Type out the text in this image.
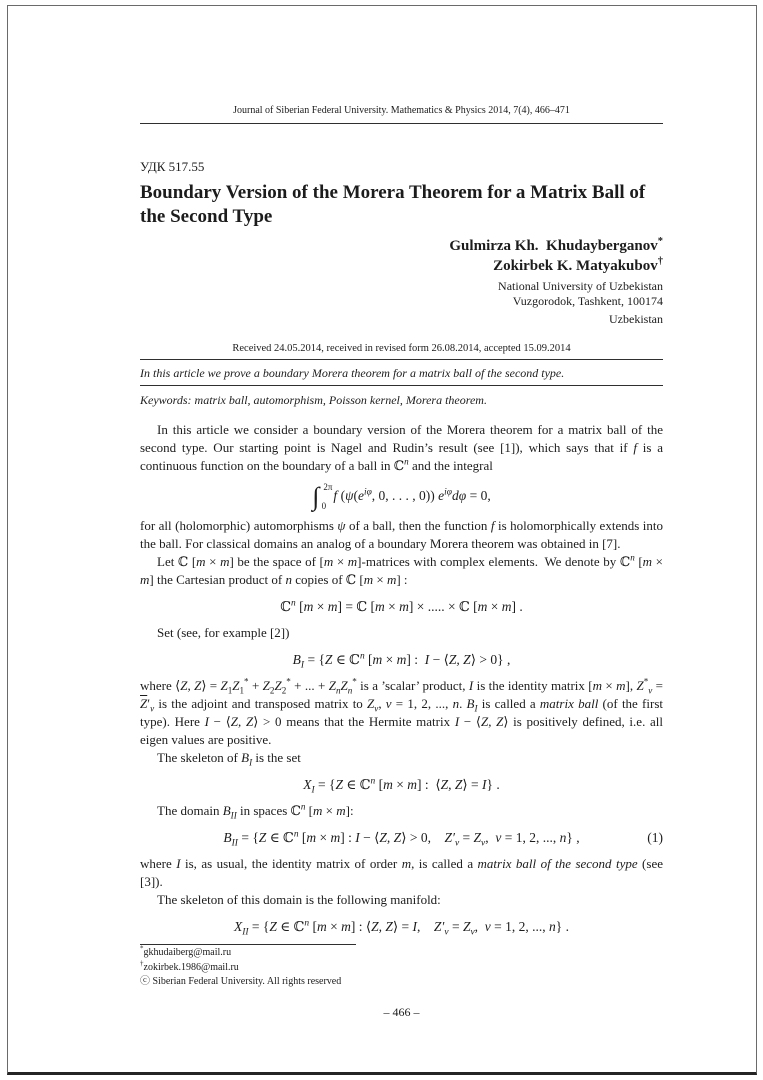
Journal of Siberian Federal University. Mathematics & Physics 2014, 7(4), 466–471
УДК 517.55
Boundary Version of the Morera Theorem for a Matrix Ball of the Second Type
Gulmirza Kh. Khudayberganov*
Zokirbek K. Matyakubov†
National University of Uzbekistan
Vuzgorodok, Tashkent, 100174
Uzbekistan
Received 24.05.2014, received in revised form 26.08.2014, accepted 15.09.2014
In this article we prove a boundary Morera theorem for a matrix ball of the second type.
Keywords: matrix ball, automorphism, Poisson kernel, Morera theorem.

In this article we consider a boundary version of the Morera theorem for a matrix ball of the second type. Our starting point is Nagel and Rudin’s result (see [1]), which says that if f is a continuous function on the boundary of a ball in ℂ$^n$ and the integral

∫ 2π
0
f ($\psi(e^{i\varphi}$, 0, . . . , 0)) $e^{i\varphi}d\varphi = 0$,

for all (holomorphic) automorphisms ψ of a ball, then the function f is holomorphically extends into the ball. For classical domains an analog of a boundary Morera theorem was obtained in [7].

Let ℂ [m × m] be the space of [m × m]-matrices with complex elements. We denote by ℂ$^n$ [m × m] the Cartesian product of n copies of ℂ [m × m] :

ℂ$^n$ [m × m] = ℂ [m × m] × ..... × ℂ [m × m] .

Set (see, for example [2])

$B_I = \{Z$ ∈ ℂ$^n$ [m × m] :  I − ⟨Z, Z⟩ > 0} ,

where ⟨Z, Z⟩ = $Z_1Z_1^* + Z_2Z_2^*$ + ... + $Z_nZ_n^*$ is a ’scalar’ product, I is the identity matrix [m × m], $Z^*_\nu = \overline{Z}'_v$ is the adjoint and transposed matrix to $Z_\nu$, ν = 1, 2, ..., n. $B_I$ is called a matrix ball (of the first type). Here I − ⟨Z, Z⟩ > 0 means that the Hermite matrix I − ⟨Z, Z⟩ is positively defined, i.e. all eigen values are positive.

The skeleton of $B_I$ is the set

$X_I = \{Z$ ∈ ℂ$^n$ [m × m] :  ⟨Z, Z⟩ = I} .

The domain $B_{II}$ in spaces ℂ$^n$ [m × m]:

$B_{II} = \{Z$ ∈ ℂ$^n$ [m × m] : I − ⟨Z, Z⟩ > 0,  $Z'_v = Z_\nu$, ν = 1, 2, ..., n} ,	(1)

where I is, as usual, the identity matrix of order m, is called a matrix ball of the second type (see [3]).

The skeleton of this domain is the following manifold:

$X_{II} = \{Z$ ∈ ℂ$^n$ [m × m] : ⟨Z, Z⟩ = I,  $Z'_v = Z_\nu$, ν = 1, 2, ..., n} .
*gkhudaiberg@mail.ru
†zokirbek.1986@mail.ru
ⓒ Siberian Federal University. All rights reserved
– 466 –
